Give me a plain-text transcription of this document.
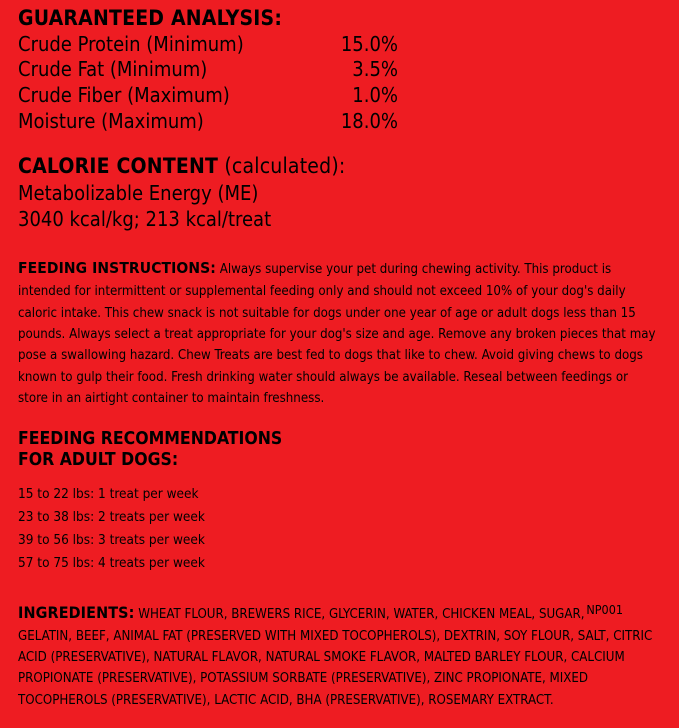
GUARANTEED ANALYSIS:
Crude Protein (Minimum)	15.0%
Crude Fat (Minimum)	3.5%
Crude Fiber (Maximum)	1.0%
Moisture (Maximum)	18.0%
CALORIE CONTENT (calculated):
Metabolizable Energy (ME)
3040 kcal/kg; 213 kcal/treat
FEEDING INSTRUCTIONS: Always supervise your pet during chewing activity. This product is intended for intermittent or supplemental feeding only and should not exceed 10% of your dog's daily caloric intake. This chew snack is not suitable for dogs under one year of age or adult dogs less than 15 pounds. Always select a treat appropriate for your dog's size and age. Remove any broken pieces that may pose a swallowing hazard. Chew Treats are best fed to dogs that like to chew. Avoid giving chews to dogs known to gulp their food. Fresh drinking water should always be available. Reseal between feedings or store in an airtight container to maintain freshness.
FEEDING RECOMMENDATIONS
FOR ADULT DOGS:
15 to 22 lbs: 1 treat per week
23 to 38 lbs: 2 treats per week
39 to 56 lbs: 3 treats per week
57 to 75 lbs: 4 treats per week
NP001
INGREDIENTS: WHEAT FLOUR, BREWERS RICE, GLYCERIN, WATER, CHICKEN MEAL, SUGAR, GELATIN, BEEF, ANIMAL FAT (PRESERVED WITH MIXED TOCOPHEROLS), DEXTRIN, SOY FLOUR, SALT, CITRIC ACID (PRESERVATIVE), NATURAL FLAVOR, NATURAL SMOKE FLAVOR, MALTED BARLEY FLOUR, CALCIUM PROPIONATE (PRESERVATIVE), POTASSIUM SORBATE (PRESERVATIVE), ZINC PROPIONATE, MIXED TOCOPHEROLS (PRESERVATIVE), LACTIC ACID, BHA (PRESERVATIVE), ROSEMARY EXTRACT.
